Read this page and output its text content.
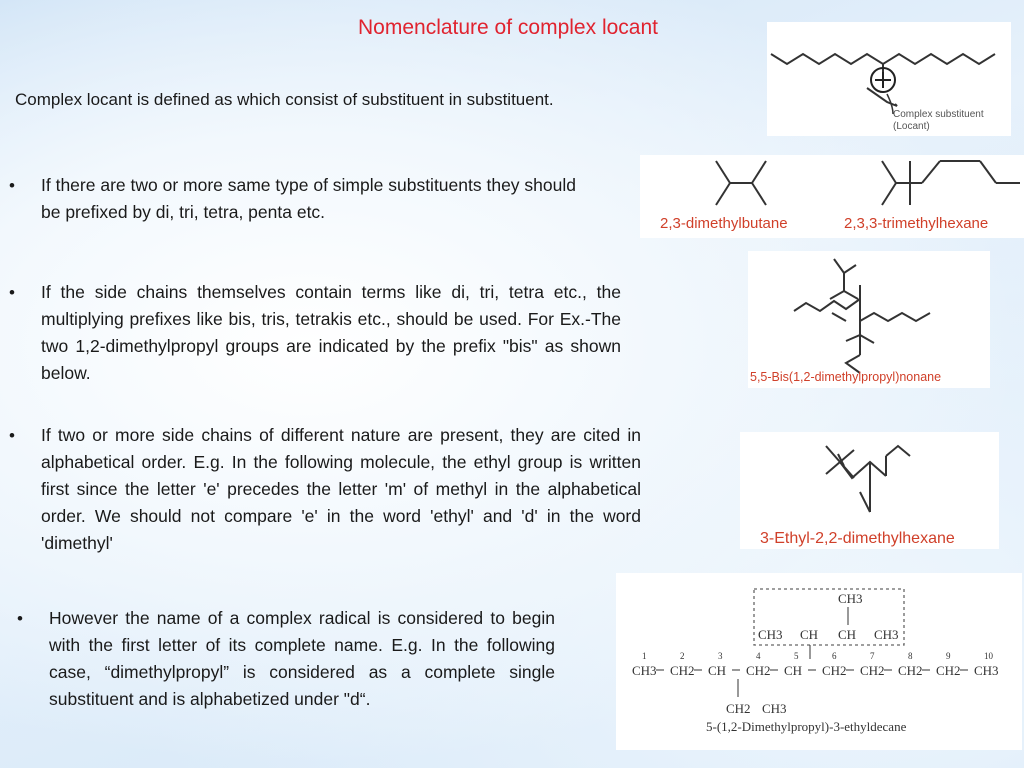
Nomenclature of complex locant
Complex locant is defined as which consist of substituent in substituent.
• If there are two or more same type of simple substituents they should be prefixed by di, tri, tetra, penta etc.
• If the side chains themselves contain terms like di, tri, tetra etc., the multiplying prefixes like bis, tris, tetrakis etc., should be used. For Ex.-The two 1,2-dimethylpropyl groups are indicated by the prefix "bis" as shown below.
• If two or more side chains of different nature are present, they are cited in alphabetical order. E.g. In the following molecule, the ethyl group is written first since the letter 'e' precedes the letter 'm' of methyl in the alphabetical order. We should not compare 'e' in the word 'ethyl' and 'd' in the word 'dimethyl'
• However the name of a complex radical is considered to begin with the first letter of its complete name. E.g. In the following case, “dimethylpropyl” is considered as a complete single substituent and is alphabetized under "d“.
Complex substituent
(Locant)
2,3-dimethylbutane	2,3,3-trimethylhexane
5,5-Bis(1,2-dimethylpropyl)nonane
3-Ethyl-2,2-dimethylhexane
CH3
CH3 CH CH CH3
1	2	3	4	5	6	7	8	9	10
CH3 CH2 CH CH2 CH CH2 CH2 CH2 CH2 CH3
CH2 CH3
5-(1,2-Dimethylpropyl)-3-ethyldecane
